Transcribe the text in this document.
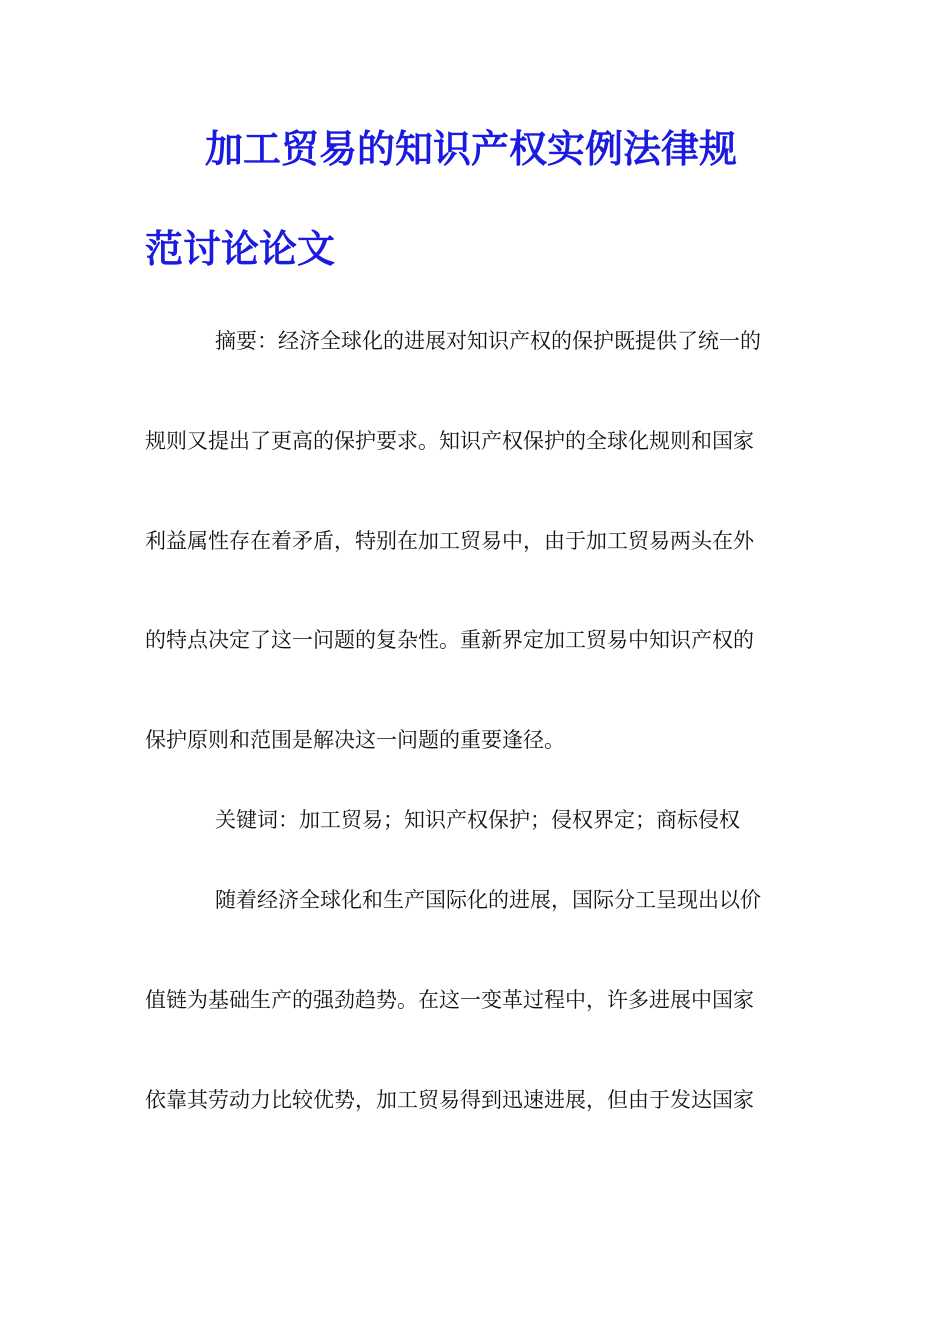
加工贸易的知识产权实例法律规
范讨论论文

摘要：经济全球化的进展对知识产权的保护既提供了统一的

规则又提出了更高的保护要求。知识产权保护的全球化规则和国家

利益属性存在着矛盾，特别在加工贸易中，由于加工贸易两头在外

的特点决定了这一问题的复杂性。重新界定加工贸易中知识产权的

保护原则和范围是解决这一问题的重要逢径。

关键词：加工贸易；知识产权保护；侵权界定；商标侵权

随着经济全球化和生产国际化的进展，国际分工呈现出以价

值链为基础生产的强劲趋势。在这一变革过程中，许多进展中国家

依靠其劳动力比较优势，加工贸易得到迅速进展，但由于发达国家
